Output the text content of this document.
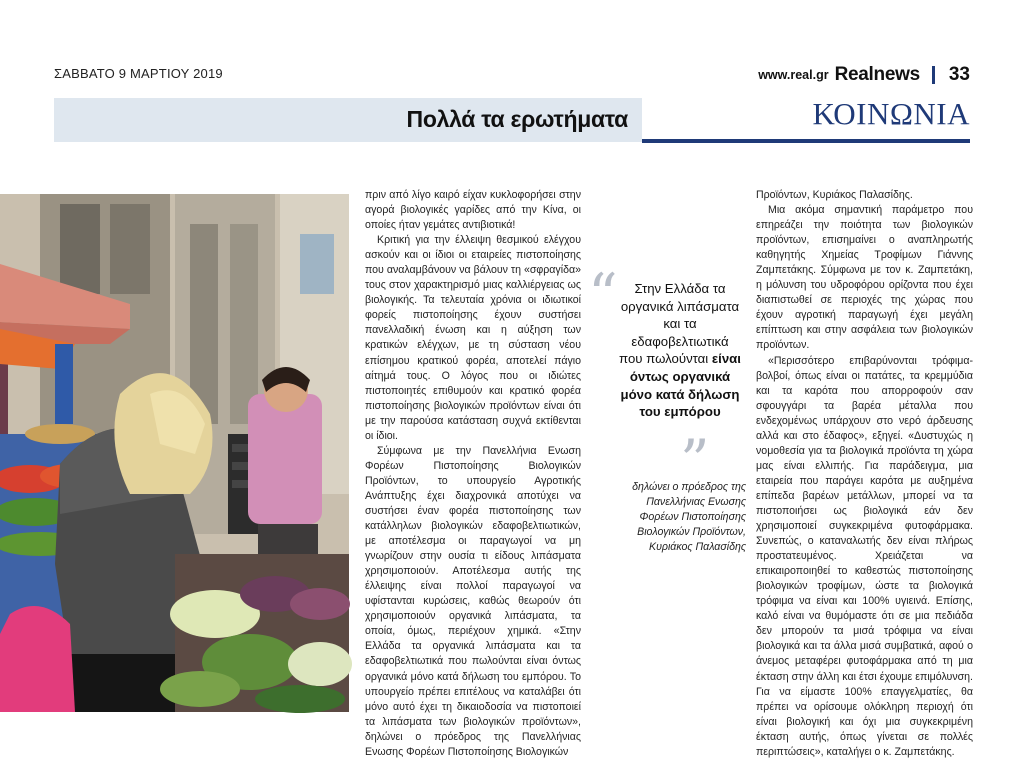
ΣΑΒΒΑΤΟ 9 ΜΑΡΤΙΟΥ 2019	www.real.gr Realnews 33
Πολλά τα ερωτήματα	ΚΟΙΝΩΝΙΑ

πριν από λίγο καιρό είχαν κυκλοφορήσει στην αγορά βιολογικές γαρίδες από την Κίνα, οι οποίες ήταν γεμάτες αντιβιοτικά!

Κριτική για την έλλειψη θεσμικού ελέγχου ασκούν και οι ίδιοι οι εταιρείες πιστοποίησης που αναλαμβάνουν να βάλουν τη «σφραγίδα» τους στον χαρακτηρισμό μιας καλλιέργειας ως βιολογικής. Τα τελευταία χρόνια οι ιδιωτικοί φορείς πιστοποίησης έχουν συστήσει πανελλαδική ένωση και η αύξηση των κρατικών ελέγχων, με τη σύσταση νέου επίσημου κρατικού φορέα, αποτελεί πάγιο αίτημά τους. Ο λόγος που οι ιδιώτες πιστοποιητές επιθυμούν και κρατικό φορέα πιστοποίησης βιολογικών προϊόντων είναι ότι με την παρούσα κατάσταση συχνά εκτίθενται οι ίδιοι.

Σύμφωνα με την Πανελλήνια Ενωση Φορέων Πιστοποίησης Βιολογικών Προϊόντων, το υπουργείο Αγροτικής Ανάπτυξης έχει διαχρονικά αποτύχει να συστήσει έναν φορέα πιστοποίησης των κατάλληλων βιολογικών εδαφοβελτιωτικών, με αποτέλεσμα οι παραγωγοί να μη γνωρίζουν στην ουσία τι είδους λιπάσματα χρησιμοποιούν. Αποτέλεσμα αυτής της έλλειψης είναι πολλοί παραγωγοί να υφίστανται κυρώσεις, καθώς θεωρούν ότι χρησιμοποιούν οργανικά λιπάσματα, τα οποία, όμως, περιέχουν χημικά. «Στην Ελλάδα τα οργανικά λιπάσματα και τα εδαφοβελτιωτικά που πωλούνται είναι όντως οργανικά μόνο κατά δήλωση του εμπόρου. Το υπουργείο πρέπει επιτέλους να καταλάβει ότι μόνο αυτό έχει τη δικαιοδοσία να πιστοποιεί τα λιπάσματα των βιολογικών προϊόντων», δηλώνει ο πρόεδρος της Πανελλήνιας Ενωσης Φορέων Πιστοποίησης Βιολογικών

“	Στην Ελλάδα τα οργανικά λιπάσματα και τα εδαφοβελτιωτικά που πωλούνται είναι όντως οργανικά μόνο κατά δήλωση του εμπόρου
”
δηλώνει ο πρόεδρος της Πανελλήνιας Ενωσης Φορέων Πιστοποίησης Βιολογικών Προϊόντων, Κυριάκος Παλασίδης

Προϊόντων, Κυριάκος Παλασίδης.

Μια ακόμα σημαντική παράμετρο που επηρεάζει την ποιότητα των βιολογικών προϊόντων, επισημαίνει ο αναπληρωτής καθηγητής Χημείας Τροφίμων Γιάννης Ζαμπετάκης. Σύμφωνα με τον κ. Ζαμπετάκη, η μόλυνση του υδροφόρου ορίζοντα που έχει διαπιστωθεί σε περιοχές της χώρας που έχουν αγροτική παραγωγή έχει μεγάλη επίπτωση και στην ασφάλεια των βιολογικών προϊόντων.

«Περισσότερο επιβαρύνονται τρόφιμα-βολβοί, όπως είναι οι πατάτες, τα κρεμμύδια και τα καρότα που απορροφούν σαν σφουγγάρι τα βαρέα μέταλλα που ενδεχομένως υπάρχουν στο νερό άρδευσης αλλά και στο έδαφος», εξηγεί. «Δυστυχώς η νομοθεσία για τα βιολογικά προϊόντα τη χώρα μας είναι ελλιπής. Για παράδειγμα, μια εταιρεία που παράγει καρότα με αυξημένα επίπεδα βαρέων μετάλλων, μπορεί να τα πιστοποιήσει ως βιολογικά εάν δεν χρησιμοποιεί συγκεκριμένα φυτοφάρμακα. Συνεπώς, ο καταναλωτής δεν είναι πλήρως προστατευμένος. Χρειάζεται να επικαιροποιηθεί το καθεστώς πιστοποίησης βιολογικών τροφίμων, ώστε τα βιολογικά τρόφιμα να είναι και 100% υγιεινά. Επίσης, καλό είναι να θυμόμαστε ότι σε μια πεδιάδα δεν μπορούν τα μισά τρόφιμα να είναι βιολογικά και τα άλλα μισά συμβατικά, αφού ο άνεμος μεταφέρει φυτοφάρμακα από τη μια έκταση στην άλλη και έτσι έχουμε επιμόλυνση. Για να είμαστε 100% επαγγελματίες, θα πρέπει να ορίσουμε ολόκληρη περιοχή ότι είναι βιολογική και όχι μια συγκεκριμένη έκταση αυτής, όπως γίνεται σε πολλές περιπτώσεις», καταλήγει ο κ. Ζαμπετάκης.
